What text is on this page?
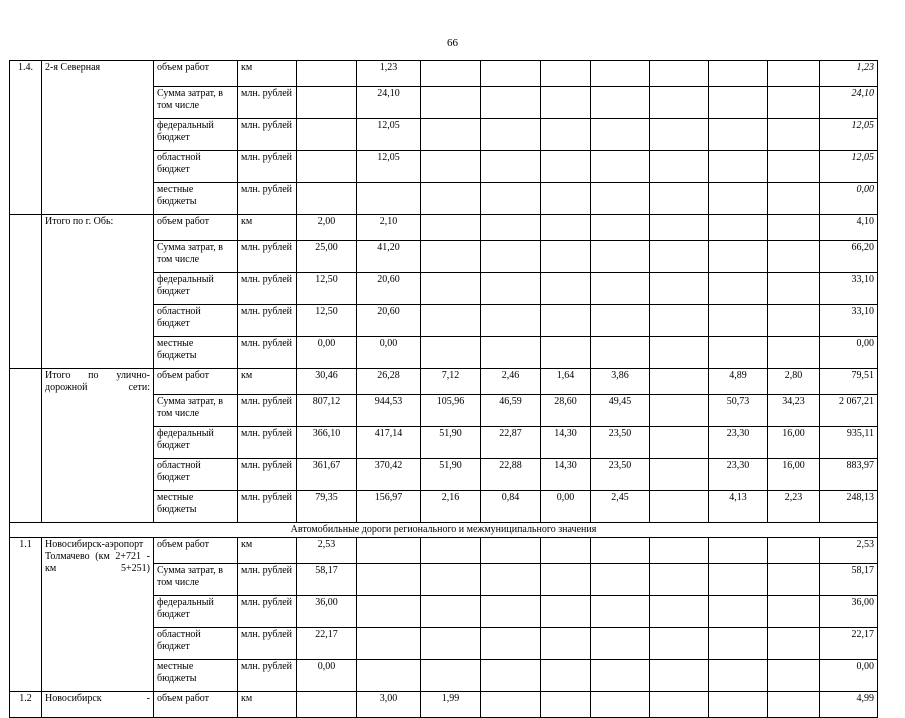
66
1.4.	2-я Северная	объем работ	км		1,23								1,23
		Сумма затрат, в том числе	млн. рублей		24,10								24,10
		федеральный бюджет	млн. рублей		12,05								12,05
		областной бюджет	млн. рублей		12,05								12,05
		местные бюджеты	млн. рублей										0,00
	Итого по г. Обь:	объем работ	км	2,00	2,10								4,10
		Сумма затрат, в том числе	млн. рублей	25,00	41,20								66,20
		федеральный бюджет	млн. рублей	12,50	20,60								33,10
		областной бюджет	млн. рублей	12,50	20,60								33,10
		местные бюджеты	млн. рублей	0,00	0,00								0,00
	Итого по улично-дорожной сети:	объем работ	км	30,46	26,28	7,12	2,46	1,64	3,86		4,89	2,80	79,51
		Сумма затрат, в том числе	млн. рублей	807,12	944,53	105,96	46,59	28,60	49,45		50,73	34,23	2 067,21
		федеральный бюджет	млн. рублей	366,10	417,14	51,90	22,87	14,30	23,50		23,30	16,00	935,11
		областной бюджет	млн. рублей	361,67	370,42	51,90	22,88	14,30	23,50		23,30	16,00	883,97
		местные бюджеты	млн. рублей	79,35	156,97	2,16	0,84	0,00	2,45		4,13	2,23	248,13
Автомобильные дороги регионального и межмуниципального значения													
1.1	Новосибирск-аэропорт Толмачево (км 2+721 - км 5+251)	объем работ	км	2,53									2,53
		Сумма затрат, в том числе	млн. рублей	58,17									58,17
		федеральный бюджет	млн. рублей	36,00									36,00
		областной бюджет	млн. рублей	22,17									22,17
		местные бюджеты	млн. рублей	0,00									0,00
1.2	Новосибирск -	объем работ	км		3,00	1,99							4,99
